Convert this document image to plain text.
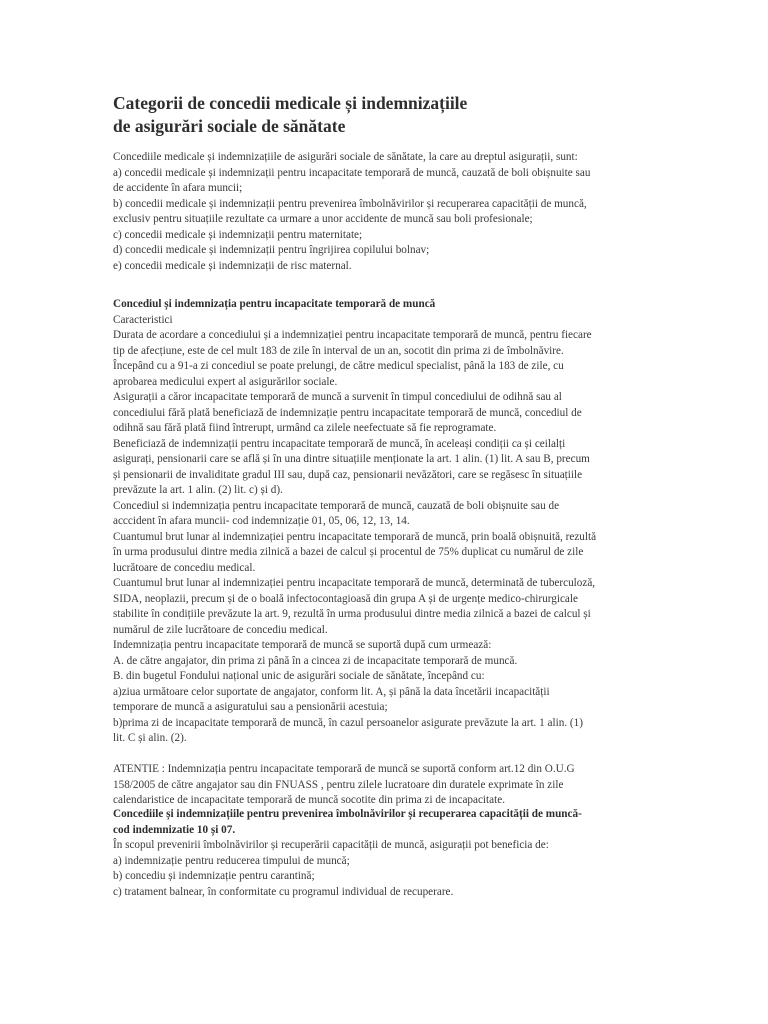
Categorii de concedii medicale și indemnizațiile
de asigurări sociale de sănătate
Concediile medicale și indemnizațiile de asigurări sociale de sănătate, la care au dreptul asigurații, sunt:
a) concedii medicale și indemnizații pentru incapacitate temporară de muncă, cauzată de boli obișnuite sau
de accidente în afara muncii;
b) concedii medicale și indemnizații pentru prevenirea îmbolnăvirilor și recuperarea capacității de muncă,
exclusiv pentru situațiile rezultate ca urmare a unor accidente de muncă sau boli profesionale;
c) concedii medicale și indemnizații pentru maternitate;
d) concedii medicale și indemnizații pentru îngrijirea copilului bolnav;
e) concedii medicale și indemnizații de risc maternal.
Concediul și indemnizația pentru incapacitate temporară de muncă
Caracteristici
Durata de acordare a concediului și a indemnizației pentru incapacitate temporară de muncă, pentru fiecare
tip de afecțiune, este de cel mult 183 de zile în interval de un an, socotit din prima zi de îmbolnăvire.
Începând cu a 91-a zi concediul se poate prelungi, de către medicul specialist, până la 183 de zile, cu
aprobarea medicului expert al asigurărilor sociale.
Asigurații a căror incapacitate temporară de muncă a survenit în timpul concediului de odihnă sau al
concediului fără plată beneficiază de indemnizație pentru incapacitate temporară de muncă, concediul de
odihnă sau fără plată fiind întrerupt, urmând ca zilele neefectuate să fie reprogramate.
Beneficiază de indemnizații pentru incapacitate temporară de muncă, în aceleași condiții ca și ceilalți
asigurați, pensionarii care se află și în una dintre situațiile menționate la art. 1 alin. (1) lit. A sau B, precum
și pensionarii de invaliditate gradul III sau, după caz, pensionarii nevăzători, care se regăsesc în situațiile
prevăzute la art. 1 alin. (2) lit. c) și d).
Concediul si indemnizația pentru incapacitate temporară de muncă, cauzată de boli obișnuite sau de
acccident în afara muncii- cod indemnizație 01, 05, 06, 12, 13, 14.
Cuantumul brut lunar al indemnizației pentru incapacitate temporară de muncă, prin boală obișnuită, rezultă
în urma produsului dintre media zilnică a bazei de calcul și procentul de 75% duplicat cu numărul de zile
lucrătoare de concediu medical.
Cuantumul brut lunar al indemnizației pentru incapacitate temporară de muncă, determinată de tuberculoză,
SIDA, neoplazii, precum și de o boală infectocontagioasă din grupa A și de urgențe medico-chirurgicale
stabilite în condițiile prevăzute la art. 9, rezultă în urma produsului dintre media zilnică a bazei de calcul și
numărul de zile lucrătoare de concediu medical.
Indemnizația pentru incapacitate temporară de muncă se suportă după cum urmează:
A. de către angajator, din prima zi până în a cincea zi de incapacitate temporară de muncă.
B. din bugetul Fondului național unic de asigurări sociale de sănătate, începând cu:
a)ziua următoare celor suportate de angajator, conform lit. A, și până la data încetării incapacității
temporare de muncă a asiguratului sau a pensionării acestuia;
b)prima zi de incapacitate temporară de muncă, în cazul persoanelor asigurate prevăzute la art. 1 alin. (1)
lit. C și alin. (2).
ATENTIE : Indemnizația pentru incapacitate temporară de muncă se suportă conform art.12 din O.U.G
158/2005 de către angajator sau din FNUASS , pentru zilele lucratoare din duratele exprimate în zile
calendaristice de incapacitate temporară de muncă socotite din prima zi de incapacitate.
Concediile și indemnizațiile pentru prevenirea îmbolnăvirilor și recuperarea capacității de muncă-
cod indemnizatie 10 și 07.
În scopul prevenirii îmbolnăvirilor și recuperării capacității de muncă, asigurații pot beneficia de:
a) indemnizație pentru reducerea timpului de muncă;
b) concediu și indemnizație pentru carantină;
c) tratament balnear, în conformitate cu programul individual de recuperare.
